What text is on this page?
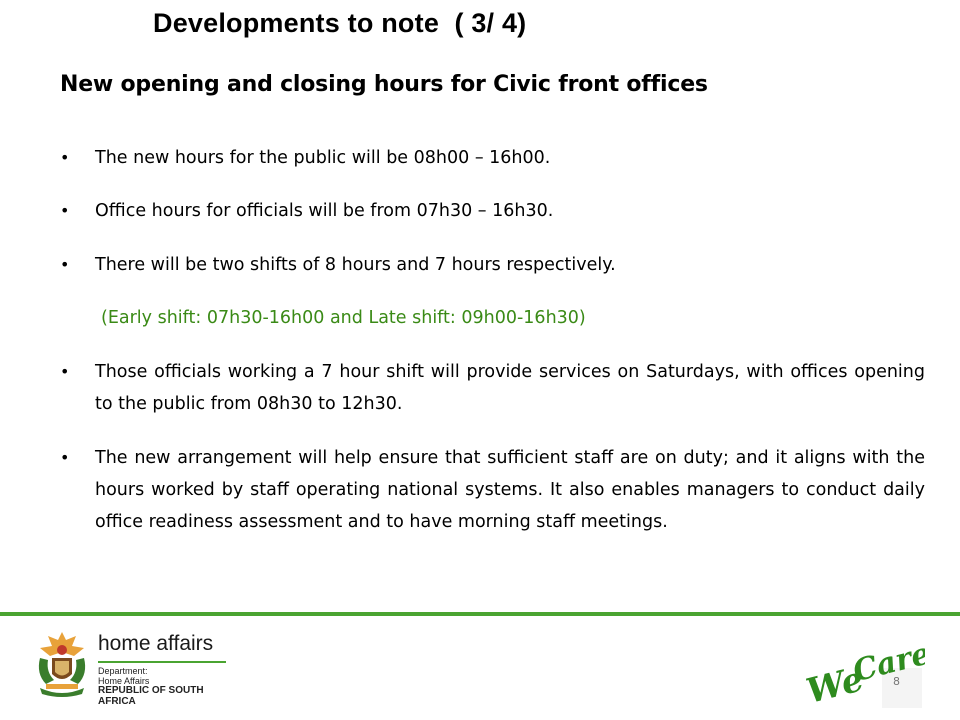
Developments to note  ( 3/ 4)
New opening and closing hours for Civic front offices
• The new hours for the public will be 08h00 – 16h00.
• Office hours for officials will be from 07h30 – 16h30.
• There will be two shifts of 8 hours and 7 hours respectively.
(Early shift: 07h30-16h00 and Late shift: 09h00-16h30)
• Those officials working a 7 hour shift will provide services on Saturdays, with offices opening to the public from 08h30 to 12h30.
• The new arrangement will help ensure that sufficient staff are on duty; and it aligns with the hours worked by staff operating national systems. It also enables managers to conduct daily office readiness assessment and to have morning staff meetings.
home affairs
Department:
Home Affairs
REPUBLIC OF SOUTH AFRICA	We
Care!
8
